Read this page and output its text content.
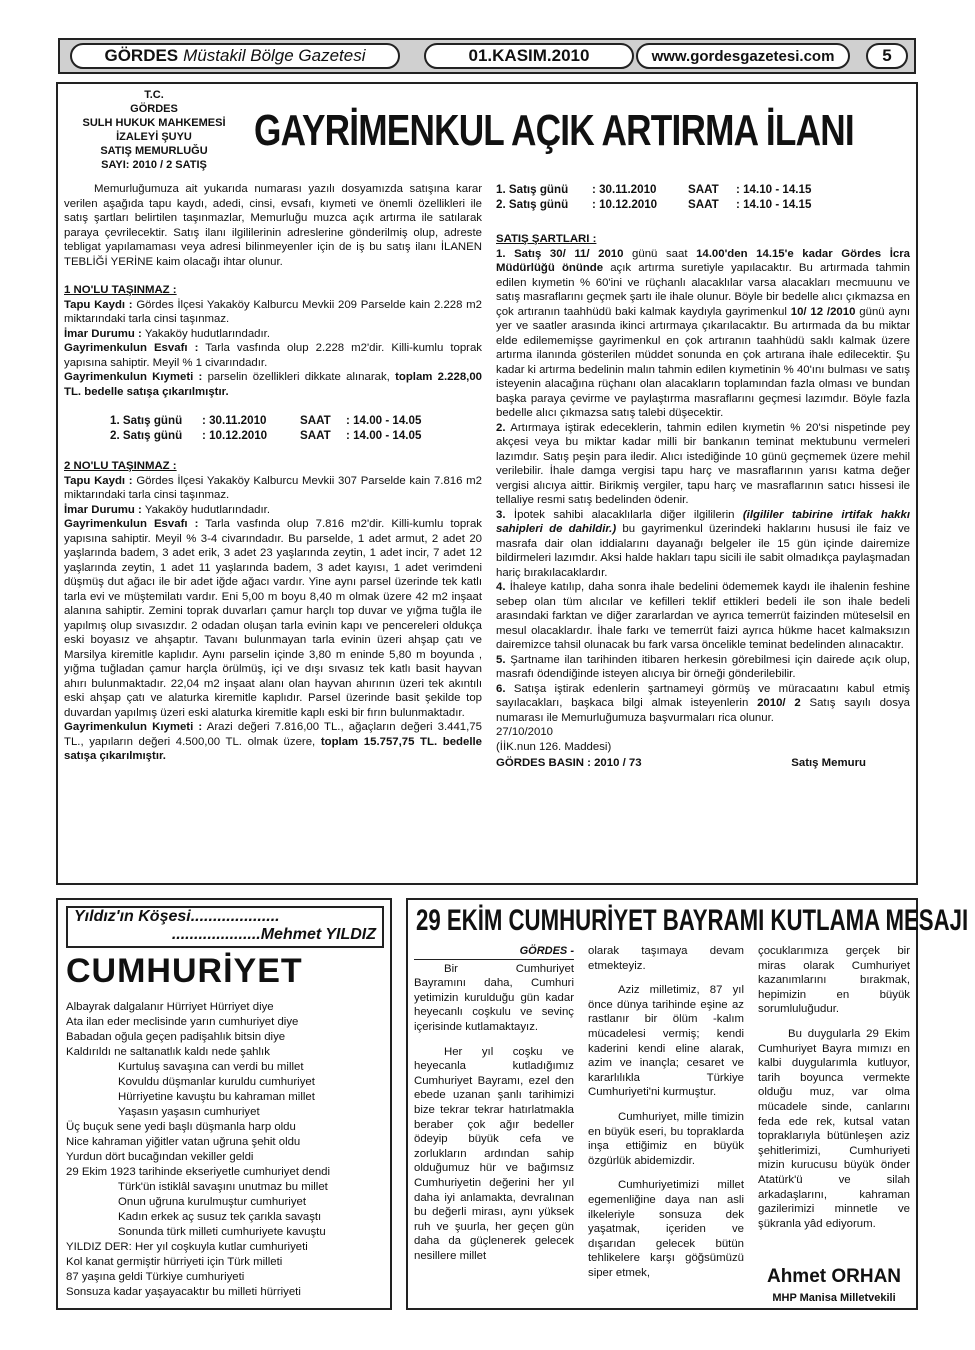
GÖRDES Müstakil Bölge Gazetesi	01.KASIM.2010	www.gordesgazetesi.com	5
T.C.
GÖRDES
SULH HUKUK MAHKEMESİ
İZALEYİ ŞUYU
SATIŞ MEMURLUĞU
SAYI: 2010 / 2 SATIŞ
GAYRİMENKUL AÇIK ARTIRMA İLANI

Memurluğumuza ait yukarıda numarası yazılı dosyamızda satışına karar verilen aşağıda tapu kaydı, adedi, cinsi, evsafı, kıymeti ve önemli özellikleri ile satış şartları belirtilen taşınmazlar, Memurluğu muzca açık artırma ile satılarak paraya çevrilecektir. Satış ilanı ilgililerinin adreslerine gönderilmiş olup, adreste tebligat yapılamaması veya adresi bilinmeyenler için de iş bu satış ilanı İLANEN TEBLİĞİ YERİNE kaim olacağı ihtar olunur.

1 NO'LU TAŞINMAZ :

Tapu Kaydı : Gördes İlçesi Yakaköy Kalburcu Mevkii 209 Parselde kain 2.228 m2 miktarındaki tarla cinsi taşınmaz.

İmar Durumu : Yakaköy hudutlarındadır.

Gayrimenkulun Esvafı : Tarla vasfında olup 2.228 m2'dir. Killi-kumlu toprak yapısına sahiptir. Meyil % 1 civarındadır.

Gayrimenkulun Kıymeti : parselin özellikleri dikkate alınarak, toplam 2.228,00 TL. bedelle satışa çıkarılmıştır.

1. Satış günü	: 30.11.2010	SAAT	: 14.00 - 14.05
2. Satış günü	: 10.12.2010	SAAT	: 14.00 - 14.05

2 NO'LU TAŞINMAZ :

Tapu Kaydı : Gördes İlçesi Yakaköy Kalburcu Mevkii 307 Parselde kain 7.816 m2 miktarındaki tarla cinsi taşınmaz.

İmar Durumu : Yakaköy hudutlarındadır.

Gayrimenkulun Esvafı : Tarla vasfında olup 7.816 m2'dir. Killi-kumlu toprak yapısına sahiptir. Meyil % 3-4 civarındadır. Bu parselde, 1 adet armut, 2 adet 20 yaşlarında badem, 3 adet erik, 3 adet 23 yaşlarında zeytin, 1 adet incir, 7 adet 12 yaşlarında zeytin, 1 adet 11 yaşlarında badem, 3 adet kayısı, 1 adet verimdeni düşmüş dut ağacı ile bir adet iğde ağacı vardır. Yine aynı parsel üzerinde tek katlı tarla evi ve müştemilatı vardır. Eni 5,00 m boyu 8,40 m olmak üzere 42 m2 inşaat alanına sahiptir. Zemini toprak duvarları çamur harçlı top duvar ve yığma tuğla ile yapılmış olup sıvasızdır. 2 odadan oluşan tarla evinin kapı ve pencereleri oldukça eski boyasız ve ahşaptır. Tavanı bulunmayan tarla evinin üzeri ahşap çatı ve Marsilya kiremitle kaplıdır. Aynı parselin içinde 3,80 m eninde 5,80 m boyunda , yığma tuğladan çamur harçla örülmüş, içi ve dışı sıvasız tek katlı basit hayvan ahırı bulunmaktadır. 22,04 m2 inşaat alanı olan hayvan ahırının üzeri tek akıntılı eski ahşap çatı ve alaturka kiremitle kaplıdır. Parsel üzerinde basit şekilde top duvardan yapılmış üzeri eski alaturka kiremitle kaplı eski bir fırın bulunmaktadır.

Gayrimenkulun Kıymeti : Arazi değeri 7.816,00 TL., ağaçların değeri 3.441,75 TL., yapıların değeri 4.500,00 TL. olmak üzere, toplam 15.757,75 TL. bedelle satışa çıkarılmıştır.

1. Satış günü	: 30.11.2010	SAAT	: 14.10 - 14.15
2. Satış günü	: 10.12.2010	SAAT	: 14.10 - 14.15

SATIŞ ŞARTLARI :

1. Satış 30/ 11/ 2010 günü saat 14.00'den 14.15'e kadar Gördes İcra Müdürlüğü önünde açık artırma suretiyle yapılacaktır. Bu artırmada tahmin edilen kıymetin % 60'ini ve rüçhanlı alacaklılar varsa alacakları mecmuunu ve satış masraflarını geçmek şartı ile ihale olunur. Böyle bir bedelle alıcı çıkmazsa en çok artıranın taahhüdü baki kalmak kaydıyla gayrimenkul 10/ 12 /2010 günü aynı yer ve saatler arasında ikinci artırmaya çıkarılacaktır. Bu artırmada da bu miktar elde edilememişse gayrimenkul en çok artıranın taahhüdü saklı kalmak üzere artırma ilanında gösterilen müddet sonunda en çok artırana ihale edilecektir. Şu kadar ki artırma bedelinin malın tahmin edilen kıymetinin % 40'ını bulması ve satış isteyenin alacağına rüçhanı olan alacakların toplamından fazla olması ve bundan başka paraya çevirme ve paylaştırma masraflarını geçmesi lazımdır. Böyle fazla bedelle alıcı çıkmazsa satış talebi düşecektir.

2. Artırmaya iştirak edeceklerin, tahmin edilen kıymetin % 20'si nispetinde pey akçesi veya bu miktar kadar milli bir bankanın teminat mektubunu vermeleri lazımdır. Satış peşin para iledir. Alıcı istediğinde 10 günü geçmemek üzere mehil verilebilir. İhale damga vergisi tapu harç ve masraflarının yarısı katma değer vergisi alıcıya aittir. Birikmiş vergiler, tapu harç ve masraflarının satıcı hissesi ile tellaliye resmi satış bedelinden ödenir.

3. İpotek sahibi alacaklılarla diğer ilgililerin (ilgililer tabirine irtifak hakkı sahipleri de dahildir.) bu gayrimenkul üzerindeki haklarını hususi ile faiz ve masrafa dair olan iddialarını dayanağı belgeler ile 15 gün içinde dairemize bildirmeleri lazımdır. Aksi halde hakları tapu sicili ile sabit olmadıkça paylaşmadan hariç bırakılacaklardır.

4. İhaleye katılıp, daha sonra ihale bedelini ödememek kaydı ile ihalenin feshine sebep olan tüm alıcılar ve kefilleri teklif ettikleri bedeli ile son ihale bedeli arasındaki farktan ve diğer zararlardan ve ayrıca temerrüt faizinden müteselsil en mesul olacaklardır. İhale farkı ve temerrüt faizi ayrıca hükme hacet kalmaksızın dairemizce tahsil olunacak bu fark varsa öncelikle teminat bedelinden alınacaktır.

5. Şartname ilan tarihinden itibaren herkesin görebilmesi için dairede açık olup, masrafı ödendiğinde isteyen alıcıya bir örneği gönderilebilir.

6. Satışa iştirak edenlerin şartnameyi görmüş ve müracaatını kabul etmiş sayılacakları, başkaca bilgi almak isteyenlerin 2010/ 2 Satış sayılı dosya numarası ile Memurluğumuza başvurmaları rica olunur.

27/10/2010

(İİK.nun 126. Maddesi)

GÖRDES BASIN : 2010 / 73	Satış Memuru
Yıldız'ın Köşesi....................
....................Mehmet YILDIZ
CUMHURİYET

Albayrak dalgalanır Hürriyet Hürriyet diye

Ata ilan eder meclisinde yarın cumhuriyet diye

Babadan oğula geçen padişahlık bitsin diye

Kaldırıldı ne saltanatlık kaldı nede şahlık

Kurtuluş savaşına can verdi bu millet

Kovuldu düşmanlar kuruldu cumhuriyet

Hürriyetine kavuştu bu kahraman millet

Yaşasın yaşasın cumhuriyet

Üç buçuk sene yedi başlı düşmanla harp oldu

Nice kahraman yiğitler vatan uğruna şehit oldu

Yurdun dört bucağından vekiller geldi

29 Ekim 1923 tarihinde ekseriyetle cumhuriyet dendi

Türk'ün istiklâl savaşını unutmaz bu millet

Onun uğruna kurulmuştur cumhuriyet

Kadın erkek aç susuz tek çarıkla savaştı

Sonunda türk milleti cumhuriyete kavuştu

YILDIZ DER: Her yıl coşkuyla kutlar cumhuriyeti

Kol kanat germiştir hürriyeti için Türk milleti

87 yaşına geldi Türkiye cumhuriyeti

Sonsuza kadar yaşayacaktır bu milleti hürriyeti

29 EKİM CUMHURİYET BAYRAMI KUTLAMA MESAJI
GÖRDES -

Bir Cumhuriyet Bayramını daha, Cumhuri yetimizin kurulduğu gün kadar heyecanlı coşkulu ve sevinç içerisinde kutlamaktayız.

Her yıl coşku ve heyecanla kutladığımız Cumhuriyet Bayramı, ezel den ebede uzanan şanlı tarihimizi bize tekrar tekrar hatırlatmakla beraber çok ağır bedeller ödeyip büyük cefa ve zorlukların ardından sahip olduğumuz hür ve bağımsız Cumhuriyetin değerini her yıl daha iyi anlamakta, devralınan bu değerli mirası, aynı yüksek ruh ve şuurla, her geçen gün daha da güçlenerek gelecek nesillere millet

olarak taşımaya devam etmekteyiz.

Aziz milletimiz, 87 yıl önce dünya tarihinde eşine az rastlanır bir ölüm -kalım mücadelesi vermiş; kendi kaderini kendi eline alarak, azim ve inançla; cesaret ve kararlılıkla Türkiye Cumhuriyeti'ni kurmuştur.

Cumhuriyet, mille timizin en büyük eseri, bu topraklarda inşa ettiğimiz en büyük özgürlük abidemizdir.

Cumhuriyetimizi millet egemenliğine daya nan asli ilkeleriyle sonsuza dek yaşatmak, içeriden ve dışarıdan gelecek bütün tehlikelere karşı göğsümüzü siper etmek,

çocuklarımıza gerçek bir miras olarak Cumhuriyet kazanımlarını bırakmak, hepimizin en büyük sorumluluğudur.

Bu duygularla 29 Ekim Cumhuriyet Bayra mımızı en kalbi duygularımla kutluyor, tarih boyunca vermekte olduğu muz, var olma mücadele sinde, canlarını feda ede rek, kutsal vatan topraklarıyla bütünleşen aziz şehitlerimizi, Cumhuriyeti mizin kurucusu büyük önder Atatürk'ü ve silah arkadaşlarını, kahraman gazilerimizi minnetle ve şükranla yâd ediyorum.

Ahmet ORHAN
MHP Manisa Milletvekili
